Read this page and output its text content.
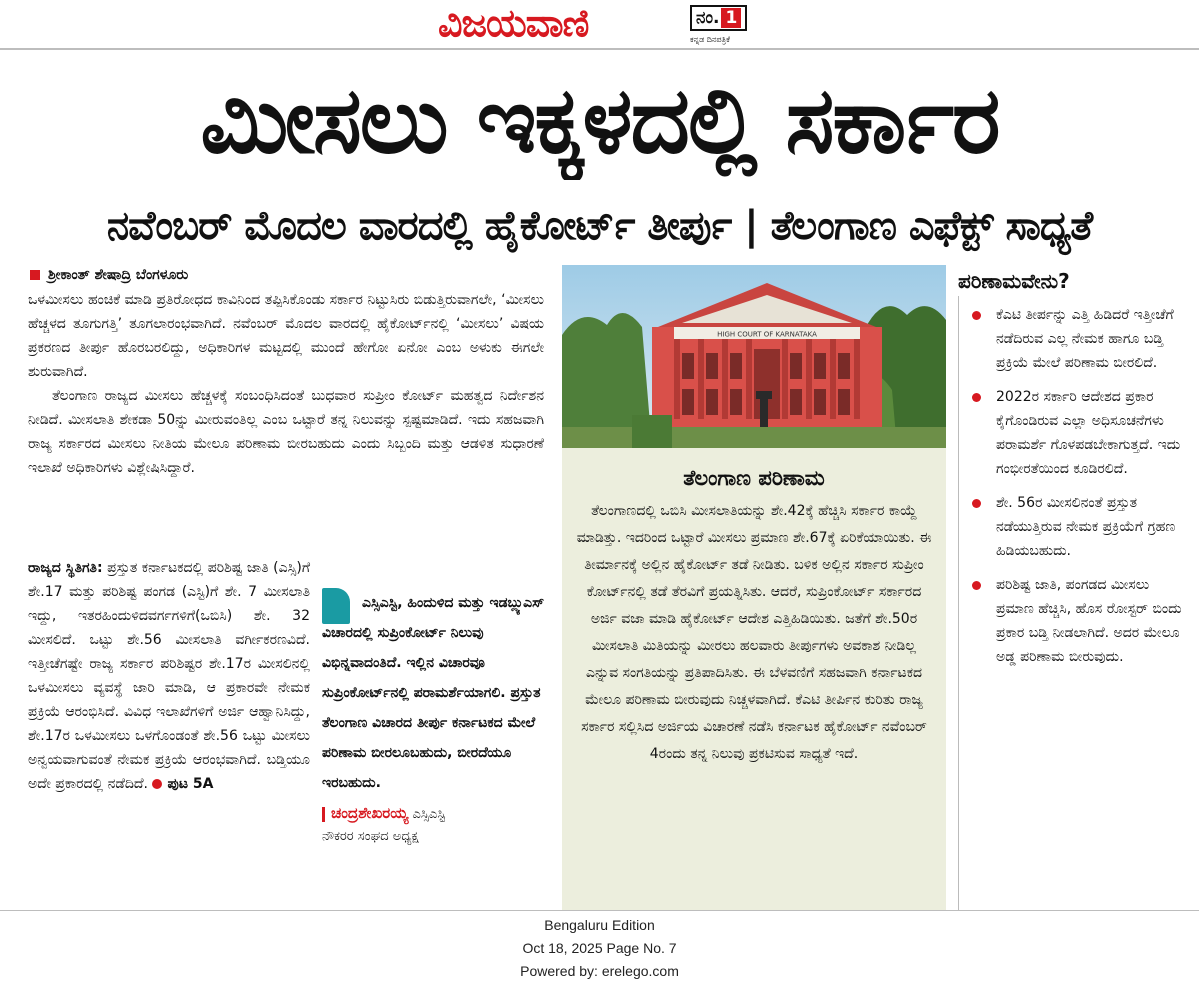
ವಿಜಯವಾಣಿ	ನಂ. 1
ಕನ್ನಡ ದಿನಪತ್ರಿಕೆ
ಮೀಸಲು ಇಕ್ಕಳದಲ್ಲಿ ಸರ್ಕಾರ
ನವೆಂಬರ್ ಮೊದಲ ವಾರದಲ್ಲಿ ಹೈಕೋರ್ಟ್ ತೀರ್ಪು | ತೆಲಂಗಾಣ ಎಫೆಕ್ಟ್ ಸಾಧ್ಯತೆ
ಶ್ರೀಕಾಂತ್ ಶೇಷಾದ್ರಿ ಬೆಂಗಳೂರು

ಒಳಮೀಸಲು ಹಂಚಿಕೆ ಮಾಡಿ ಪ್ರತಿರೋಧದ ಕಾವಿನಿಂದ ತಪ್ಪಿಸಿಕೊಂಡು ಸರ್ಕಾರ ನಿಟ್ಟುಸಿರು ಬಿಡುತ್ತಿರುವಾಗಲೇ, ‘ಮೀಸಲು ಹೆಚ್ಚಳದ ತೂಗುಗತ್ತಿ’ ತೂಗಲಾರಂಭವಾಗಿದೆ. ನವೆಂಬರ್ ಮೊದಲ ವಾರದಲ್ಲಿ ಹೈಕೋರ್ಟ್‌ನಲ್ಲಿ ‘ಮೀಸಲು’ ವಿಷಯ ಪ್ರಕರಣದ ತೀರ್ಪು ಹೊರಬರಲಿದ್ದು, ಅಧಿಕಾರಿಗಳ ಮಟ್ಟದಲ್ಲಿ ಮುಂದೆ ಹೇಗೋ ಏನೋ ಎಂಬ ಅಳುಕು ಈಗಲೇ ಶುರುವಾಗಿದೆ.

ತೆಲಂಗಾಣ ರಾಜ್ಯದ ಮೀಸಲು ಹೆಚ್ಚಳಕ್ಕೆ ಸಂಬಂಧಿಸಿದಂತೆ ಬುಧವಾರ ಸುಪ್ರೀಂ ಕೋರ್ಟ್ ಮಹತ್ವದ ನಿರ್ದೇಶನ ನೀಡಿದೆ. ಮೀಸಲಾತಿ ಶೇಕಡಾ 50ನ್ನು ಮೀರುವಂತಿಲ್ಲ ಎಂಬ ಒಟ್ಟಾರೆ ತನ್ನ ನಿಲುವನ್ನು ಸ್ಪಷ್ಟಮಾಡಿದೆ. ಇದು ಸಹಜವಾಗಿ ರಾಜ್ಯ ಸರ್ಕಾರದ ಮೀಸಲು ನೀತಿಯ ಮೇಲೂ ಪರಿಣಾಮ ಬೀರಬಹುದು ಎಂದು ಸಿಬ್ಬಂದಿ ಮತ್ತು ಆಡಳಿತ ಸುಧಾರಣೆ ಇಲಾಖೆ ಅಧಿಕಾರಿಗಳು ವಿಶ್ಲೇಷಿಸಿದ್ದಾರೆ.

ರಾಜ್ಯದ ಸ್ಥಿತಿಗತಿ: ಪ್ರಸ್ತುತ ಕರ್ನಾಟಕದಲ್ಲಿ ಪರಿಶಿಷ್ಟ ಜಾತಿ (ಎಸ್ಸಿ)ಗೆ ಶೇ.17 ಮತ್ತು ಪರಿಶಿಷ್ಟ ಪಂಗಡ (ಎಸ್ಟಿ)ಗೆ ಶೇ. 7 ಮೀಸಲಾತಿ ಇದ್ದು, ಇತರಹಿಂದುಳಿದವರ್ಗಗಳಿಗೆ(ಒಬಿಸಿ) ಶೇ. 32 ಮೀಸಲಿದೆ. ಒಟ್ಟು ಶೇ.56 ಮೀಸಲಾತಿ ವರ್ಗೀಕರಣವಿದೆ. ಇತ್ತೀಚೆಗಷ್ಟೇ ರಾಜ್ಯ ಸರ್ಕಾರ ಪರಿಶಿಷ್ಟರ ಶೇ.17ರ ಮೀಸಲಿನಲ್ಲಿ ಒಳಮೀಸಲು ವ್ಯವಸ್ಥೆ ಜಾರಿ ಮಾಡಿ, ಆ ಪ್ರಕಾರವೇ ನೇಮಕ ಪ್ರಕ್ರಿಯೆ ಆರಂಭಿಸಿದೆ. ವಿವಿಧ ಇಲಾಖೆಗಳಿಗೆ ಅರ್ಜಿ ಆಹ್ವಾನಿಸಿದ್ದು, ಶೇ.17ರ ಒಳಮೀಸಲು ಒಳಗೊಂಡಂತೆ ಶೇ.56 ಒಟ್ಟು ಮೀಸಲು ಅನ್ವಯವಾಗುವಂತೆ ನೇಮಕ ಪ್ರಕ್ರಿಯೆ ಆರಂಭವಾಗಿದೆ. ಬಡ್ತಿಯೂ ಅದೇ ಪ್ರಕಾರದಲ್ಲಿ ನಡೆದಿದೆ. ಪುಟ 5A

ಎಸ್ಸಿಎಸ್ಟಿ, ಹಿಂದುಳಿದ ಮತ್ತು ಇಡಬ್ಲ್ಯುಎಸ್ ವಿಚಾರದಲ್ಲಿ ಸುಪ್ರಿಂಕೋರ್ಟ್ ನಿಲುವು ವಿಭಿನ್ನವಾದಂತಿದೆ. ಇಲ್ಲಿನ ವಿಚಾರವೂ ಸುಪ್ರಿಂಕೋರ್ಟ್‌ನಲ್ಲಿ ಪರಾಮರ್ಶೆಯಾಗಲಿ. ಪ್ರಸ್ತುತ ತೆಲಂಗಾಣ ವಿಚಾರದ ತೀರ್ಪು ಕರ್ನಾಟಕದ ಮೇಲೆ ಪರಿಣಾಮ ಬೀರಲೂಬಹುದು, ಬೀರದೆಯೂ ಇರಬಹುದು.
ಚಂದ್ರಶೇಖರಯ್ಯ ಎಸ್ಸಿಎಸ್ಟಿ
ನೌಕರರ ಸಂಘದ ಅಧ್ಯಕ್ಷ
HIGH COURT OF KARNATAKA
ತೆಲಂಗಾಣ ಪರಿಣಾಮ

ತೆಲಂಗಾಣದಲ್ಲಿ ಒಬಿಸಿ ಮೀಸಲಾತಿಯನ್ನು ಶೇ.42ಕ್ಕೆ ಹೆಚ್ಚಿಸಿ ಸರ್ಕಾರ ಕಾಯ್ದೆ ಮಾಡಿತ್ತು. ಇದರಿಂದ ಒಟ್ಟಾರೆ ಮೀಸಲು ಪ್ರಮಾಣ ಶೇ.67ಕ್ಕೆ ಏರಿಕೆಯಾಯಿತು. ಈ ತೀರ್ಮಾನಕ್ಕೆ ಅಲ್ಲಿನ ಹೈಕೋರ್ಟ್ ತಡೆ ನೀಡಿತು. ಬಳಿಕ ಅಲ್ಲಿನ ಸರ್ಕಾರ ಸುಪ್ರೀಂ ಕೋರ್ಟ್‌ನಲ್ಲಿ ತಡೆ ತೆರವಿಗೆ ಪ್ರಯತ್ನಿಸಿತು. ಆದರೆ, ಸುಪ್ರಿಂಕೋರ್ಟ್ ಸರ್ಕಾರದ ಅರ್ಜಿ ವಜಾ ಮಾಡಿ ಹೈಕೋರ್ಟ್ ಆದೇಶ ಎತ್ತಿಹಿಡಿಯಿತು. ಜತೆಗೆ ಶೇ.50ರ ಮೀಸಲಾತಿ ಮಿತಿಯನ್ನು ಮೀರಲು ಹಲವಾರು ತೀರ್ಪುಗಳು ಅವಕಾಶ ನೀಡಿಲ್ಲ ಎನ್ನುವ ಸಂಗತಿಯನ್ನು ಪ್ರತಿಪಾದಿಸಿತು. ಈ ಬೆಳವಣಿಗೆ ಸಹಜವಾಗಿ ಕರ್ನಾಟಕದ ಮೇಲೂ ಪರಿಣಾಮ ಬೀರುವುದು ನಿಚ್ಚಳವಾಗಿದೆ. ಕೆಎಟಿ ತೀರ್ಪಿನ ಕುರಿತು ರಾಜ್ಯ ಸರ್ಕಾರ ಸಲ್ಲಿಸಿದ ಅರ್ಜಿಯ ವಿಚಾರಣೆ ನಡೆಸಿ ಕರ್ನಾಟಕ ಹೈಕೋರ್ಟ್ ನವೆಂಬರ್ 4ರಂದು ತನ್ನ ನಿಲುವು ಪ್ರಕಟಿಸುವ ಸಾಧ್ಯತೆ ಇದೆ.

ಪರಿಣಾಮವೇನು?
ಕೆಎಟಿ ತೀರ್ಪನ್ನು ಎತ್ತಿ ಹಿಡಿದರೆ ಇತ್ತೀಚೆಗೆ ನಡೆದಿರುವ ಎಲ್ಲ ನೇಮಕ ಹಾಗೂ ಬಡ್ತಿ ಪ್ರಕ್ರಿಯೆ ಮೇಲೆ ಪರಿಣಾಮ ಬೀರಲಿದೆ.
2022ರ ಸರ್ಕಾರಿ ಆದೇಶದ ಪ್ರಕಾರ ಕೈಗೊಂಡಿರುವ ಎಲ್ಲಾ ಅಧಿಸೂಚನೆಗಳು ಪರಾಮರ್ಶೆ ಗೊಳಪಡಬೇಕಾಗುತ್ತದೆ. ಇದು ಗಂಭೀರತೆಯಿಂದ ಕೂಡಿರಲಿದೆ.
ಶೇ. 56ರ ಮೀಸಲಿನಂತೆ ಪ್ರಸ್ತುತ ನಡೆಯುತ್ತಿರುವ ನೇಮಕ ಪ್ರಕ್ರಿಯೆಗೆ ಗ್ರಹಣ ಹಿಡಿಯಬಹುದು.
ಪರಿಶಿಷ್ಟ ಜಾತಿ, ಪಂಗಡದ ಮೀಸಲು ಪ್ರಮಾಣ ಹೆಚ್ಚಿಸಿ, ಹೊಸ ರೋಸ್ಟರ್ ಬಿಂದು ಪ್ರಕಾರ ಬಡ್ತಿ ನೀಡಲಾಗಿದೆ. ಅದರ ಮೇಲೂ ಅಡ್ಡ ಪರಿಣಾಮ ಬೀರುವುದು.
Bengaluru Edition
Oct 18, 2025 Page No. 7
Powered by: erelego.com
